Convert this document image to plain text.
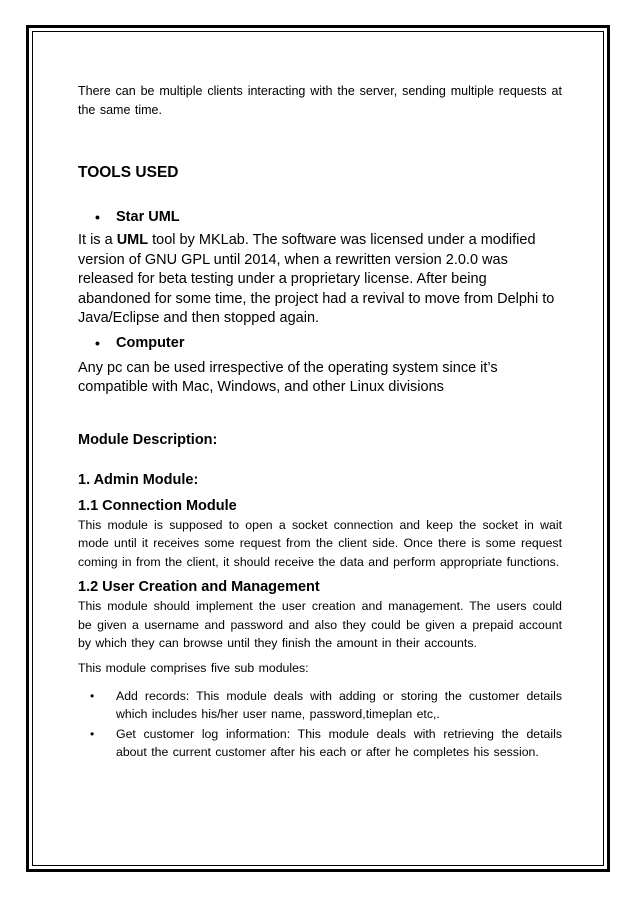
There can be multiple clients interacting with the server, sending multiple requests at the same time.

TOOLS USED
• Star UML

It is a UML tool by MKLab. The software was licensed under a modified version of GNU GPL until 2014, when a rewritten version 2.0.0 was released for beta testing under a proprietary license. After being abandoned for some time, the project had a revival to move from Delphi to Java/Eclipse and then stopped again.

• Computer

Any pc can be used irrespective of the operating system since it’s compatible with Mac, Windows, and other Linux divisions

Module Description:
1. Admin Module:
1.1 Connection Module

This module is supposed to open a socket connection and keep the socket in wait mode until it receives some request from the client side. Once there is some request coming in from the client, it should receive the data and perform appropriate functions.

1.2 User Creation and Management

This module should implement the user creation and management. The users could be given a username and password and also they could be given a prepaid account by which they can browse until they finish the amount in their accounts.

This module comprises five sub modules:

• Add records: This module deals with adding or storing the customer details which includes his/her user name, password,timeplan etc,.
• Get customer log information: This module deals with retrieving the details about the current customer after his each or after he completes his session.
